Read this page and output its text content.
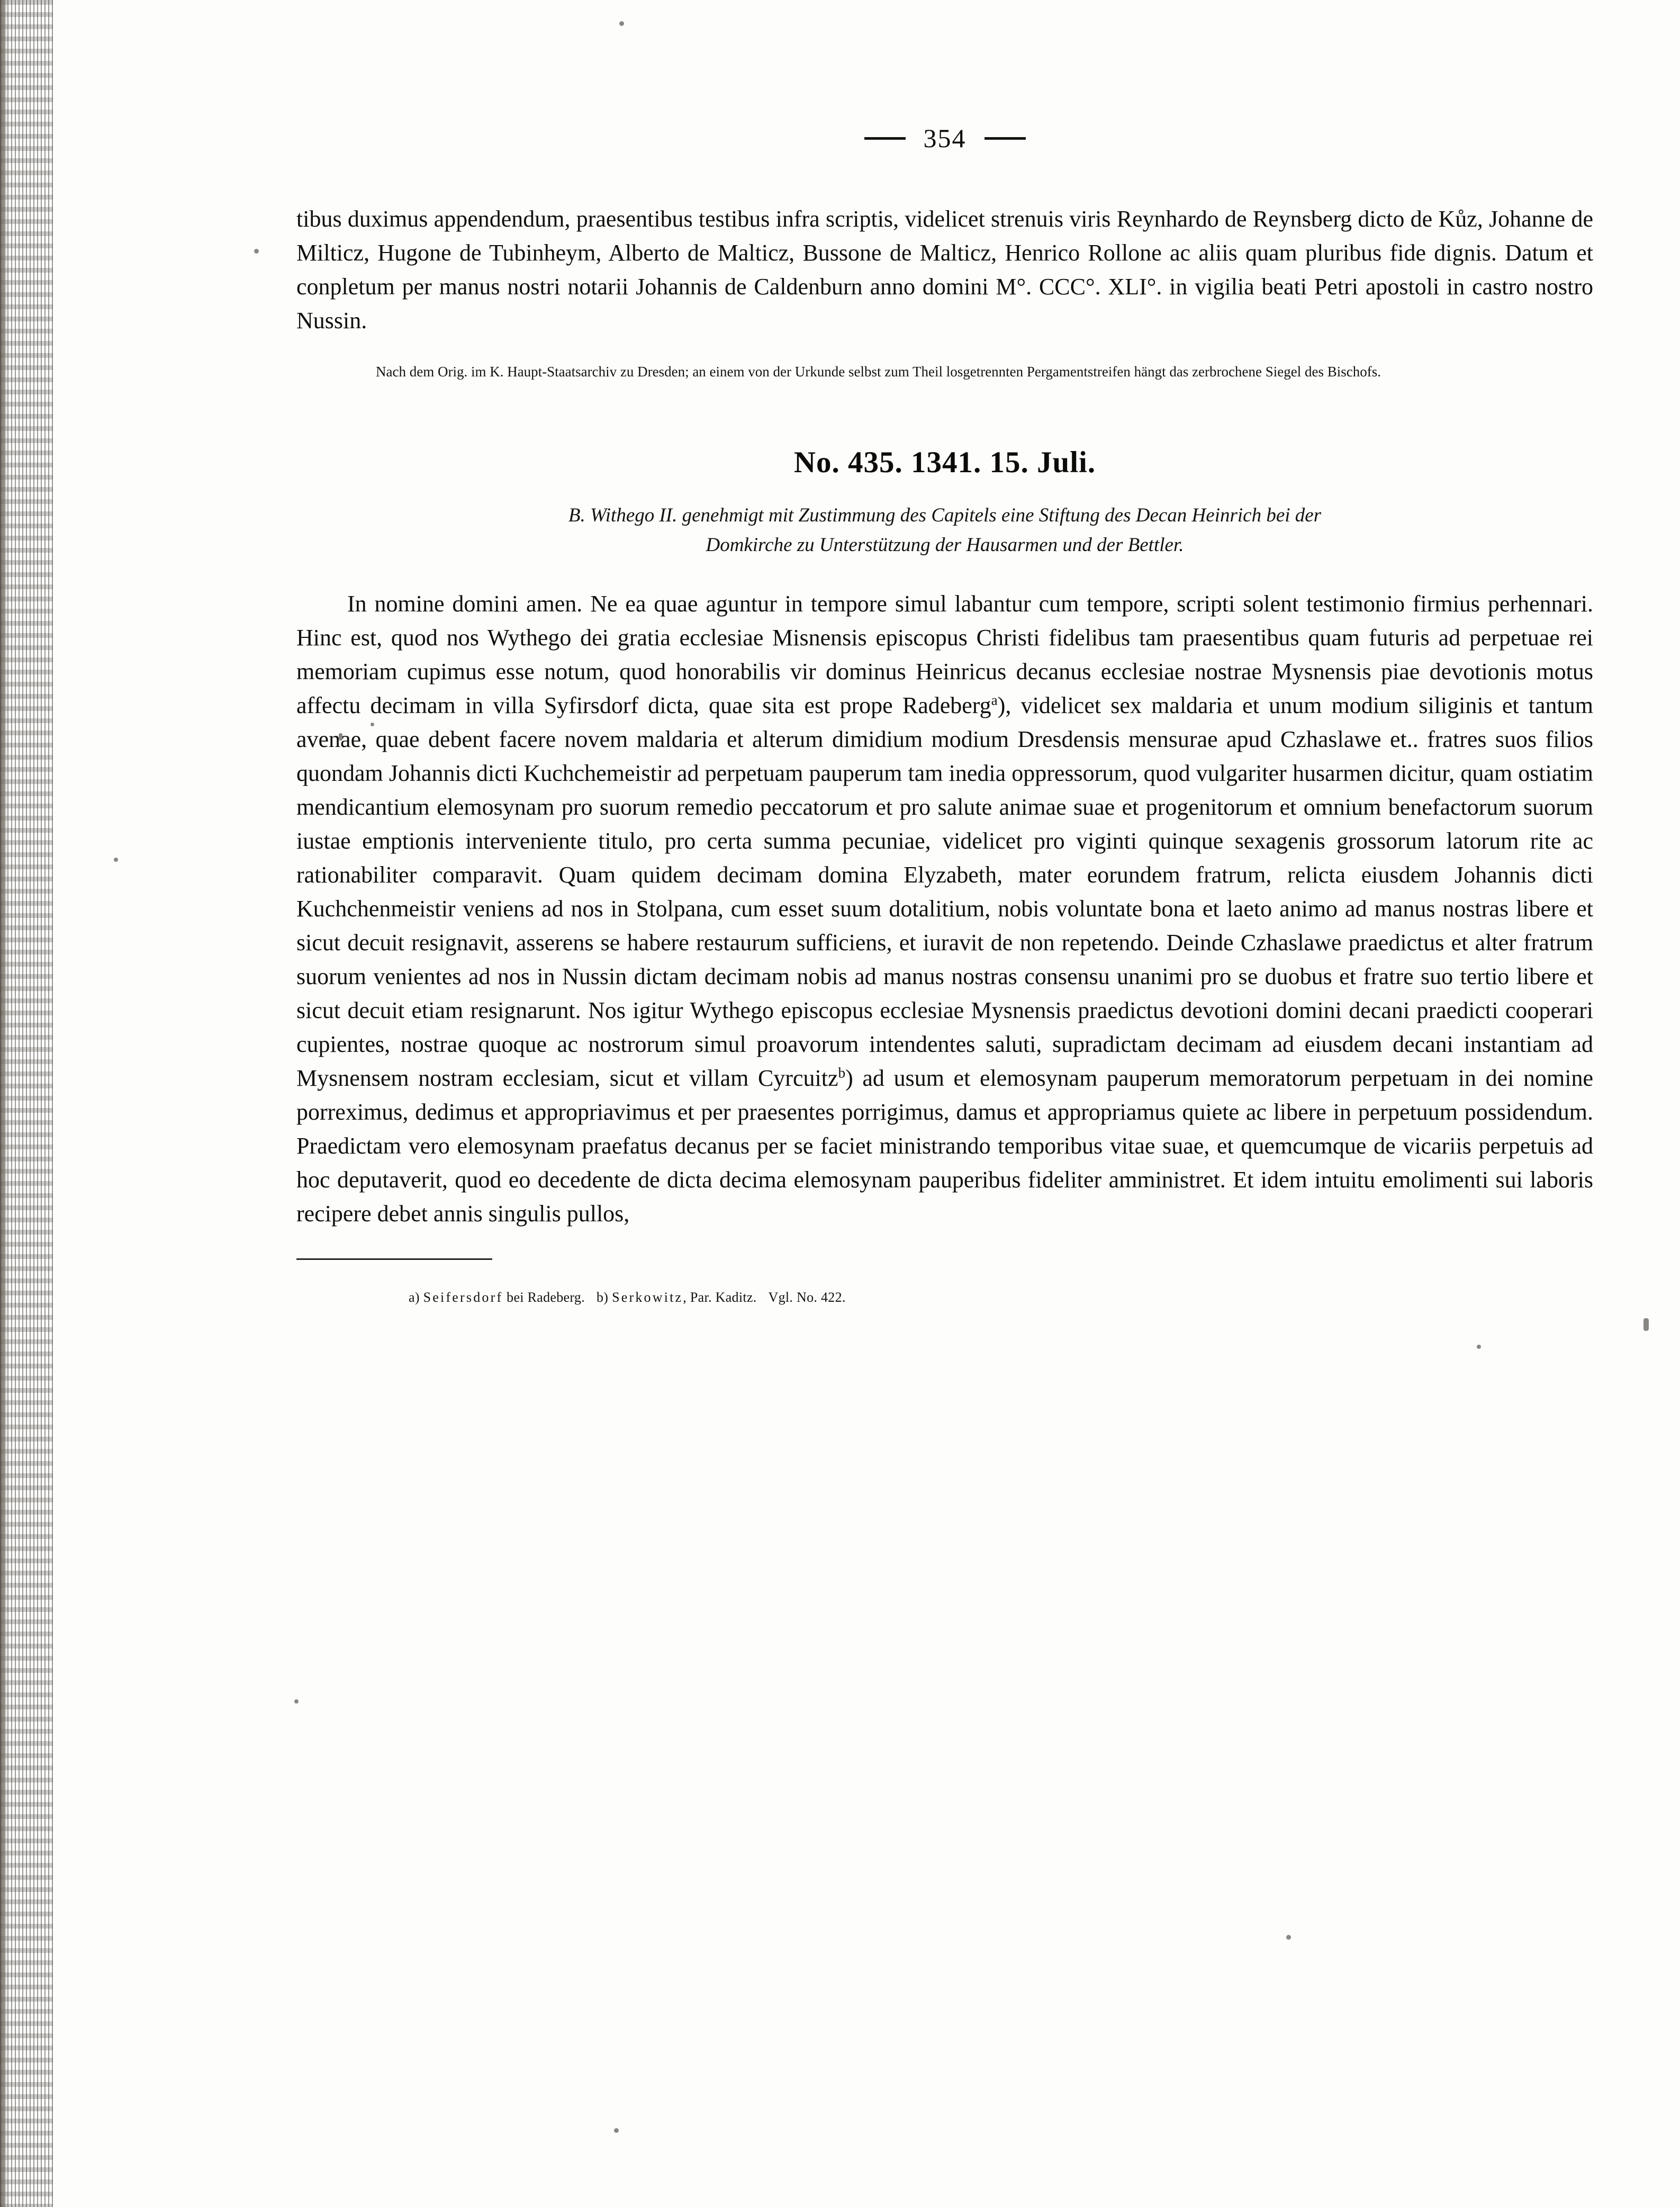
354

tibus duximus appendendum, praesentibus testibus infra scriptis, videlicet strenuis viris Reynhardo de Reynsberg dicto de Kůz, Johanne de Milticz, Hugone de Tubinheym, Alberto de Malticz, Bussone de Malticz, Henrico Rollone ac aliis quam pluribus fide dignis. Datum et conpletum per manus nostri notarii Johannis de Caldenburn anno domini M°. CCC°. XLI°. in vigilia beati Petri apostoli in castro nostro Nussin.

Nach dem Orig. im K. Haupt-Staatsarchiv zu Dresden; an einem von der Urkunde selbst zum Theil losgetrennten Pergamentstreifen hängt das zerbrochene Siegel des Bischofs.

No. 435. 1341. 15. Juli.
B. Withego II. genehmigt mit Zustimmung des Capitels eine Stiftung des Decan Heinrich bei der
Domkirche zu Unterstützung der Hausarmen und der Bettler.

In nomine domini amen. Ne ea quae aguntur in tempore simul labantur cum tempore, scripti solent testimonio firmius perhennari. Hinc est, quod nos Wythego dei gratia ecclesiae Misnensis episcopus Christi fidelibus tam praesentibus quam futuris ad perpetuae rei memoriam cupimus esse notum, quod honorabilis vir dominus Heinricus decanus ecclesiae nostrae Mysnensis piae devotionis motus affectu decimam in villa Syfirsdorf dicta, quae sita est prope Radeberg$^a$), videlicet sex maldaria et unum modium siliginis et tantum avenae, quae debent facere novem maldaria et alterum dimidium modium Dresdensis mensurae apud Czhaslawe et.. fratres suos filios quondam Johannis dicti Kuchchemeistir ad perpetuam pauperum tam inedia oppressorum, quod vulgariter husarmen dicitur, quam ostiatim mendicantium elemosynam pro suorum remedio peccatorum et pro salute animae suae et progenitorum et omnium benefactorum suorum iustae emptionis interveniente titulo, pro certa summa pecuniae, videlicet pro viginti quinque sexagenis grossorum latorum rite ac rationabiliter comparavit. Quam quidem decimam domina Elyzabeth, mater eorundem fratrum, relicta eiusdem Johannis dicti Kuchchenmeistir veniens ad nos in Stolpana, cum esset suum dotalitium, nobis voluntate bona et laeto animo ad manus nostras libere et sicut decuit resignavit, asserens se habere restaurum sufficiens, et iuravit de non repetendo. Deinde Czhaslawe praedictus et alter fratrum suorum venientes ad nos in Nussin dictam decimam nobis ad manus nostras consensu unanimi pro se duobus et fratre suo tertio libere et sicut decuit etiam resignarunt. Nos igitur Wythego episcopus ecclesiae Mysnensis praedictus devotioni domini decani praedicti cooperari cupientes, nostrae quoque ac nostrorum simul proavorum intendentes saluti, supradictam decimam ad eiusdem decani instantiam ad Mysnensem nostram ecclesiam, sicut et villam Cyrcuitz$^b$) ad usum et elemosynam pauperum memoratorum perpetuam in dei nomine porreximus, dedimus et appropriavimus et per praesentes porrigimus, damus et appropriamus quiete ac libere in perpetuum possidendum. Praedictam vero elemosynam praefatus decanus per se faciet ministrando temporibus vitae suae, et quemcumque de vicariis perpetuis ad hoc deputaverit, quod eo decedente de dicta decima elemosynam pauperibus fideliter amministret. Et idem intuitu emolimenti sui laboris recipere debet annis singulis pullos,

a) Seifersdorf bei Radeberg. b) Serkowitz, Par. Kaditz. Vgl. No. 422.
